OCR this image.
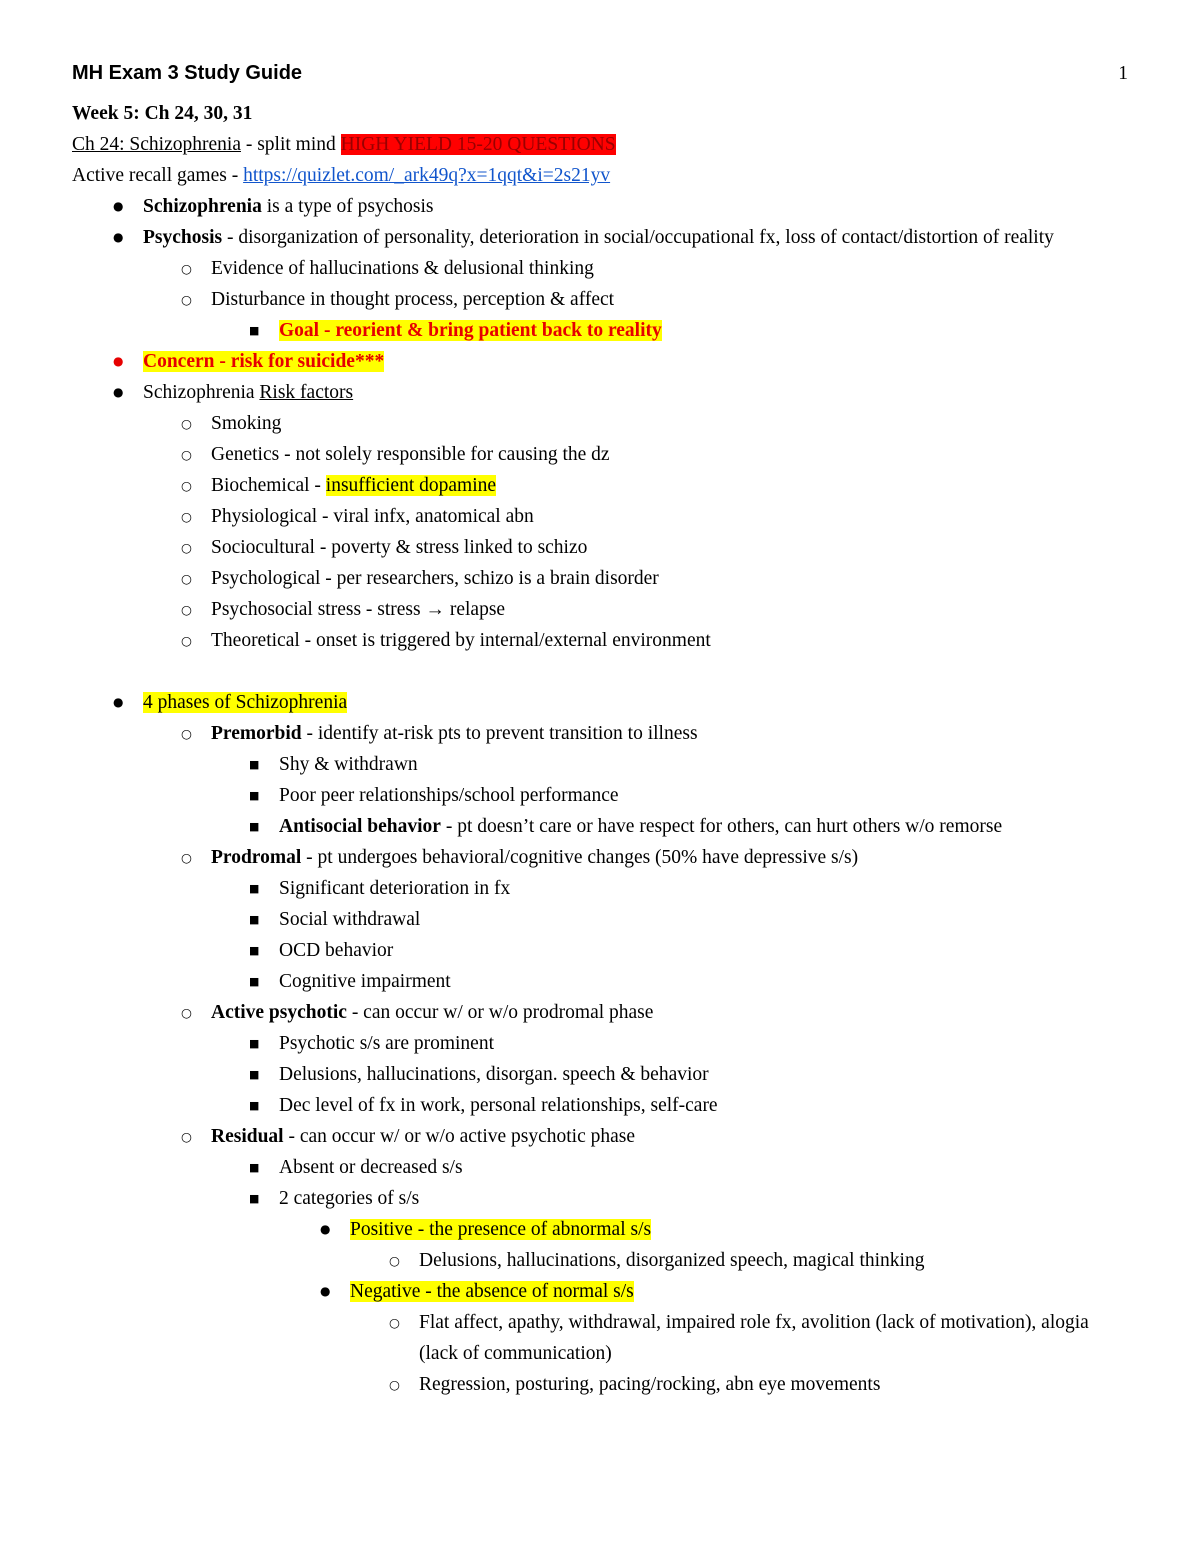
MH Exam 3 Study Guide	1
Week 5: Ch 24, 30, 31
Ch 24: Schizophrenia - split mind HIGH YIELD 15-20 QUESTIONS
Active recall games - https://quizlet.com/_ark49q?x=1qqt&i=2s21yv
●	Schizophrenia is a type of psychosis
●	Psychosis - disorganization of personality, deterioration in social/occupational fx, loss of contact/distortion of reality
○ Evidence of hallucinations & delusional thinking
○ Disturbance in thought process, perception & affect
■	Goal - reorient & bring patient back to reality
●	Concern - risk for suicide***
●	Schizophrenia Risk factors
○ Smoking
○ Genetics - not solely responsible for causing the dz
○ Biochemical - insufficient dopamine
○ Physiological - viral infx, anatomical abn
○ Sociocultural - poverty & stress linked to schizo
○ Psychological - per researchers, schizo is a brain disorder
○ Psychosocial stress - stress → relapse
○ Theoretical - onset is triggered by internal/external environment
●	4 phases of Schizophrenia
○ Premorbid - identify at-risk pts to prevent transition to illness
■	Shy & withdrawn
■	Poor peer relationships/school performance
■	Antisocial behavior - pt doesn’t care or have respect for others, can hurt others w/o remorse
○ Prodromal - pt undergoes behavioral/cognitive changes (50% have depressive s/s)
■	Significant deterioration in fx
■	Social withdrawal
■	OCD behavior
■	Cognitive impairment
○ Active psychotic - can occur w/ or w/o prodromal phase
■	Psychotic s/s are prominent
■	Delusions, hallucinations, disorgan. speech & behavior
■	Dec level of fx in work, personal relationships, self-care
○ Residual - can occur w/ or w/o active psychotic phase
■	Absent or decreased s/s
■	2 categories of s/s
●	Positive - the presence of abnormal s/s
○ Delusions, hallucinations, disorganized speech, magical thinking
●	Negative - the absence of normal s/s
○ Flat affect, apathy, withdrawal, impaired role fx, avolition (lack of motivation), alogia (lack of communication)
○ Regression, posturing, pacing/rocking, abn eye movements
